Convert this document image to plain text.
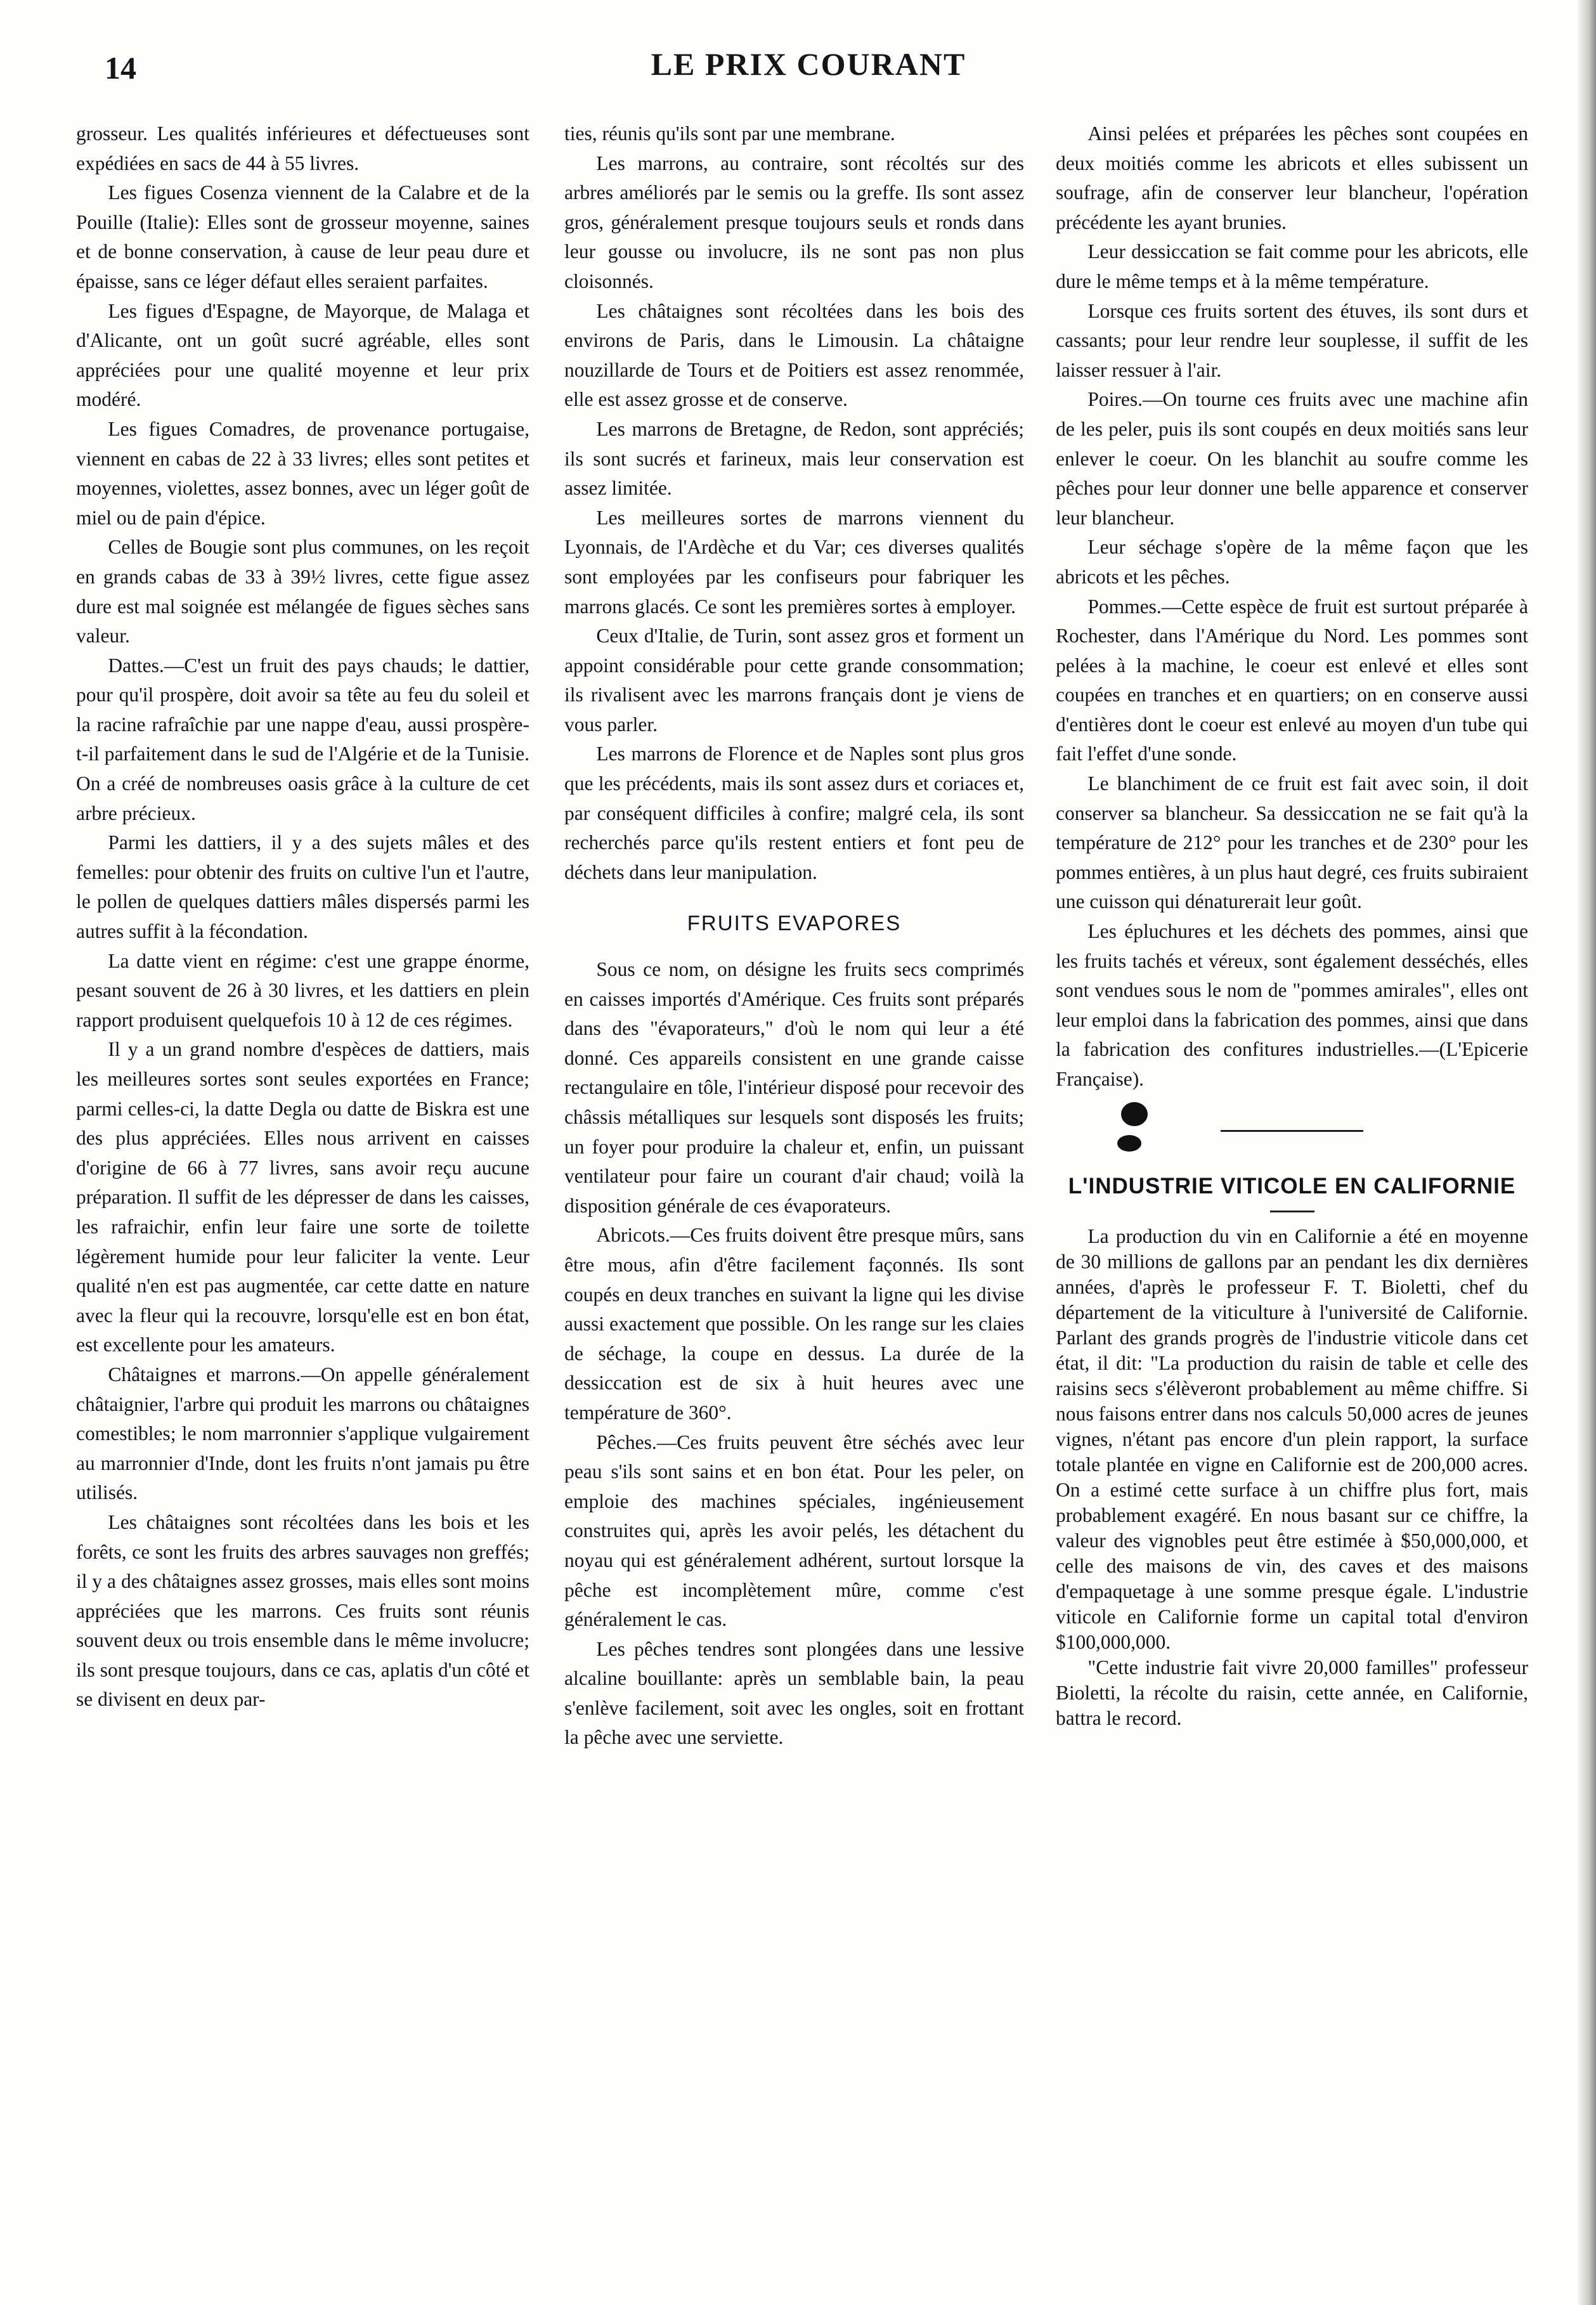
14	LE PRIX COURANT

grosseur. Les qualités inférieures et défectueuses sont expédiées en sacs de 44 à 55 livres.

Les figues Cosenza viennent de la Calabre et de la Pouille (Italie): Elles sont de grosseur moyenne, saines et de bonne conservation, à cause de leur peau dure et épaisse, sans ce léger défaut elles seraient parfaites.

Les figues d'Espagne, de Mayorque, de Malaga et d'Alicante, ont un goût sucré agréable, elles sont appréciées pour une qualité moyenne et leur prix modéré.

Les figues Comadres, de provenance portugaise, viennent en cabas de 22 à 33 livres; elles sont petites et moyennes, violettes, assez bonnes, avec un léger goût de miel ou de pain d'épice.

Celles de Bougie sont plus communes, on les reçoit en grands cabas de 33 à 39½ livres, cette figue assez dure est mal soignée est mélangée de figues sèches sans valeur.

Dattes.—C'est un fruit des pays chauds; le dattier, pour qu'il prospère, doit avoir sa tête au feu du soleil et la racine rafraîchie par une nappe d'eau, aussi prospère-t-il parfaitement dans le sud de l'Algérie et de la Tunisie. On a créé de nombreuses oasis grâce à la culture de cet arbre précieux.

Parmi les dattiers, il y a des sujets mâles et des femelles: pour obtenir des fruits on cultive l'un et l'autre, le pollen de quelques dattiers mâles dispersés parmi les autres suffit à la fécondation.

La datte vient en régime: c'est une grappe énorme, pesant souvent de 26 à 30 livres, et les dattiers en plein rapport produisent quelquefois 10 à 12 de ces régimes.

Il y a un grand nombre d'espèces de dattiers, mais les meilleures sortes sont seules exportées en France; parmi celles-ci, la datte Degla ou datte de Biskra est une des plus appréciées. Elles nous arrivent en caisses d'origine de 66 à 77 livres, sans avoir reçu aucune préparation. Il suffit de les dépresser de dans les caisses, les rafraichir, enfin leur faire une sorte de toilette légèrement humide pour leur faliciter la vente. Leur qualité n'en est pas augmentée, car cette datte en nature avec la fleur qui la recouvre, lorsqu'elle est en bon état, est excellente pour les amateurs.

Châtaignes et marrons.—On appelle généralement châtaignier, l'arbre qui produit les marrons ou châtaignes comestibles; le nom marronnier s'applique vulgairement au marronnier d'Inde, dont les fruits n'ont jamais pu être utilisés.

Les châtaignes sont récoltées dans les bois et les forêts, ce sont les fruits des arbres sauvages non greffés; il y a des châtaignes assez grosses, mais elles sont moins appréciées que les marrons. Ces fruits sont réunis souvent deux ou trois ensemble dans le même involucre; ils sont presque toujours, dans ce cas, aplatis d'un côté et se divisent en deux par-

ties, réunis qu'ils sont par une membrane.

Les marrons, au contraire, sont récoltés sur des arbres améliorés par le semis ou la greffe. Ils sont assez gros, généralement presque toujours seuls et ronds dans leur gousse ou involucre, ils ne sont pas non plus cloisonnés.

Les châtaignes sont récoltées dans les bois des environs de Paris, dans le Limousin. La châtaigne nouzillarde de Tours et de Poitiers est assez renommée, elle est assez grosse et de conserve.

Les marrons de Bretagne, de Redon, sont appréciés; ils sont sucrés et farineux, mais leur conservation est assez limitée.

Les meilleures sortes de marrons viennent du Lyonnais, de l'Ardèche et du Var; ces diverses qualités sont employées par les confiseurs pour fabriquer les marrons glacés. Ce sont les premières sortes à employer.

Ceux d'Italie, de Turin, sont assez gros et forment un appoint considérable pour cette grande consommation; ils rivalisent avec les marrons français dont je viens de vous parler.

Les marrons de Florence et de Naples sont plus gros que les précédents, mais ils sont assez durs et coriaces et, par conséquent difficiles à confire; malgré cela, ils sont recherchés parce qu'ils restent entiers et font peu de déchets dans leur manipulation.

FRUITS EVAPORES

Sous ce nom, on désigne les fruits secs comprimés en caisses importés d'Amérique. Ces fruits sont préparés dans des "évaporateurs," d'où le nom qui leur a été donné. Ces appareils consistent en une grande caisse rectangulaire en tôle, l'intérieur disposé pour recevoir des châssis métalliques sur lesquels sont disposés les fruits; un foyer pour produire la chaleur et, enfin, un puissant ventilateur pour faire un courant d'air chaud; voilà la disposition générale de ces évaporateurs.

Abricots.—Ces fruits doivent être presque mûrs, sans être mous, afin d'être facilement façonnés. Ils sont coupés en deux tranches en suivant la ligne qui les divise aussi exactement que possible. On les range sur les claies de séchage, la coupe en dessus. La durée de la dessiccation est de six à huit heures avec une température de 360°.

Pêches.—Ces fruits peuvent être séchés avec leur peau s'ils sont sains et en bon état. Pour les peler, on emploie des machines spéciales, ingénieusement construites qui, après les avoir pelés, les détachent du noyau qui est généralement adhérent, surtout lorsque la pêche est incomplètement mûre, comme c'est généralement le cas.

Les pêches tendres sont plongées dans une lessive alcaline bouillante: après un semblable bain, la peau s'enlève facilement, soit avec les ongles, soit en frottant la pêche avec une serviette.

Ainsi pelées et préparées les pêches sont coupées en deux moitiés comme les abricots et elles subissent un soufrage, afin de conserver leur blancheur, l'opération précédente les ayant brunies.

Leur dessiccation se fait comme pour les abricots, elle dure le même temps et à la même température.

Lorsque ces fruits sortent des étuves, ils sont durs et cassants; pour leur rendre leur souplesse, il suffit de les laisser ressuer à l'air.

Poires.—On tourne ces fruits avec une machine afin de les peler, puis ils sont coupés en deux moitiés sans leur enlever le coeur. On les blanchit au soufre comme les pêches pour leur donner une belle apparence et conserver leur blancheur.

Leur séchage s'opère de la même façon que les abricots et les pêches.

Pommes.—Cette espèce de fruit est surtout préparée à Rochester, dans l'Amérique du Nord. Les pommes sont pelées à la machine, le coeur est enlevé et elles sont coupées en tranches et en quartiers; on en conserve aussi d'entières dont le coeur est enlevé au moyen d'un tube qui fait l'effet d'une sonde.

Le blanchiment de ce fruit est fait avec soin, il doit conserver sa blancheur. Sa dessiccation ne se fait qu'à la température de 212° pour les tranches et de 230° pour les pommes entières, à un plus haut degré, ces fruits subiraient une cuisson qui dénaturerait leur goût.

Les épluchures et les déchets des pommes, ainsi que les fruits tachés et véreux, sont également desséchés, elles sont vendues sous le nom de "pommes amirales", elles ont leur emploi dans la fabrication des pommes, ainsi que dans la fabrication des confitures industrielles.—(L'Epicerie Française).

L'INDUSTRIE VITICOLE EN CALIFORNIE

La production du vin en Californie a été en moyenne de 30 millions de gallons par an pendant les dix dernières années, d'après le professeur F. T. Bioletti, chef du département de la viticulture à l'université de Californie. Parlant des grands progrès de l'industrie viticole dans cet état, il dit: "La production du raisin de table et celle des raisins secs s'élèveront probablement au même chiffre. Si nous faisons entrer dans nos calculs 50,000 acres de jeunes vignes, n'étant pas encore d'un plein rapport, la surface totale plantée en vigne en Californie est de 200,000 acres. On a estimé cette surface à un chiffre plus fort, mais probablement exagéré. En nous basant sur ce chiffre, la valeur des vignobles peut être estimée à $50,000,000, et celle des maisons de vin, des caves et des maisons d'empaquetage à une somme presque égale. L'industrie viticole en Californie forme un capital total d'environ $100,000,000.

"Cette industrie fait vivre 20,000 familles" professeur Bioletti, la récolte du raisin, cette année, en Californie, battra le record.
